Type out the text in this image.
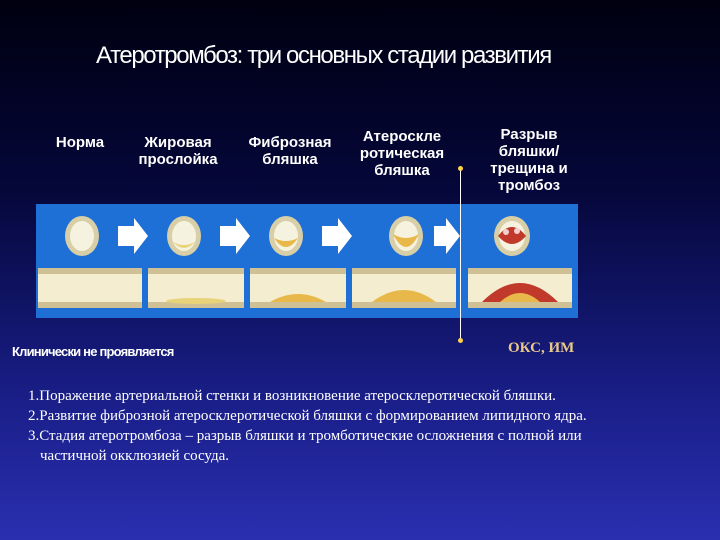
Атеротромбоз: три основных стадии развития
Норма	Жировая
прослойка
Фиброзная
бляшка
Атероскле
ротическая
бляшка
Разрыв
бляшки/
трещина и
тромбоз
Клинически не проявляется	ОКС, ИМ
1.Поражение артериальной стенки и возникновение атеросклеротической бляшки.
2.Развитие фиброзной атеросклеротической бляшки с формированием липидного ядра.
3.Стадия атеротромбоза – разрыв бляшки и тромботические осложнения с полной или
частичной окклюзией сосуда.
